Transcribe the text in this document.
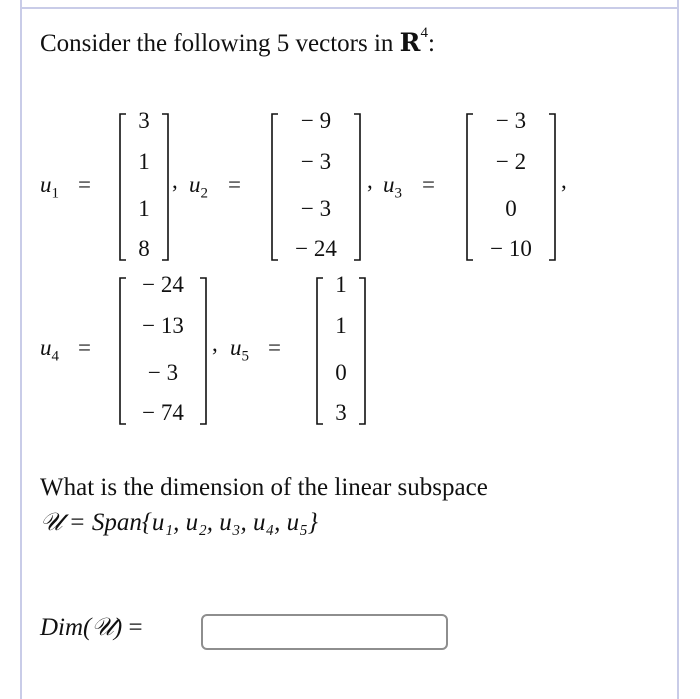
Consider the following 5 vectors in $R^4$:
$u_1$ =
3
1
1
8
, $u_2$ =
− 9
− 3
− 3
− 24
, $u_3$ =
− 3
− 2
0
− 10
,
$u_4$ =
− 24
− 13
− 3
− 74
, $u_5$ =
1
1
0
3
What is the dimension of the linear subspace
𝒰 = Span{u₁, u₂, u₃, u₄, u₅}
Dim(𝒰) =
